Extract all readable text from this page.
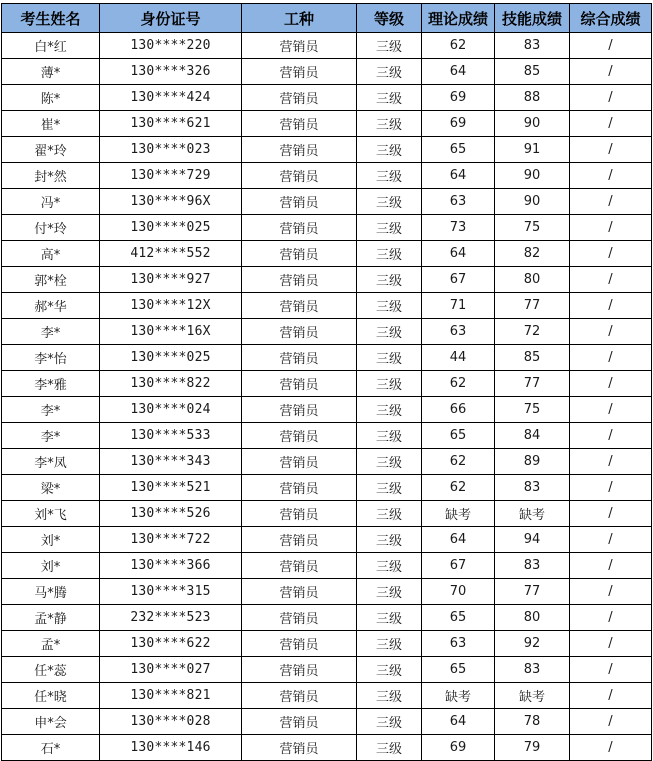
考生姓名	身份证号	工种	等级	理论成绩	技能成绩	综合成绩
白*红	130****220	营销员	三级	62	83	/
薄*	130****326	营销员	三级	64	85	/
陈*	130****424	营销员	三级	69	88	/
崔*	130****621	营销员	三级	69	90	/
翟*玲	130****023	营销员	三级	65	91	/
封*然	130****729	营销员	三级	64	90	/
冯*	130****96X	营销员	三级	63	90	/
付*玲	130****025	营销员	三级	73	75	/
高*	412****552	营销员	三级	64	82	/
郭*栓	130****927	营销员	三级	67	80	/
郝*华	130****12X	营销员	三级	71	77	/
李*	130****16X	营销员	三级	63	72	/
李*怡	130****025	营销员	三级	44	85	/
李*雅	130****822	营销员	三级	62	77	/
李*	130****024	营销员	三级	66	75	/
李*	130****533	营销员	三级	65	84	/
李*凤	130****343	营销员	三级	62	89	/
梁*	130****521	营销员	三级	62	83	/
刘*飞	130****526	营销员	三级	缺考	缺考	/
刘*	130****722	营销员	三级	64	94	/
刘*	130****366	营销员	三级	67	83	/
马*腾	130****315	营销员	三级	70	77	/
孟*静	232****523	营销员	三级	65	80	/
孟*	130****622	营销员	三级	63	92	/
任*蕊	130****027	营销员	三级	65	83	/
任*晓	130****821	营销员	三级	缺考	缺考	/
申*会	130****028	营销员	三级	64	78	/
石*	130****146	营销员	三级	69	79	/
